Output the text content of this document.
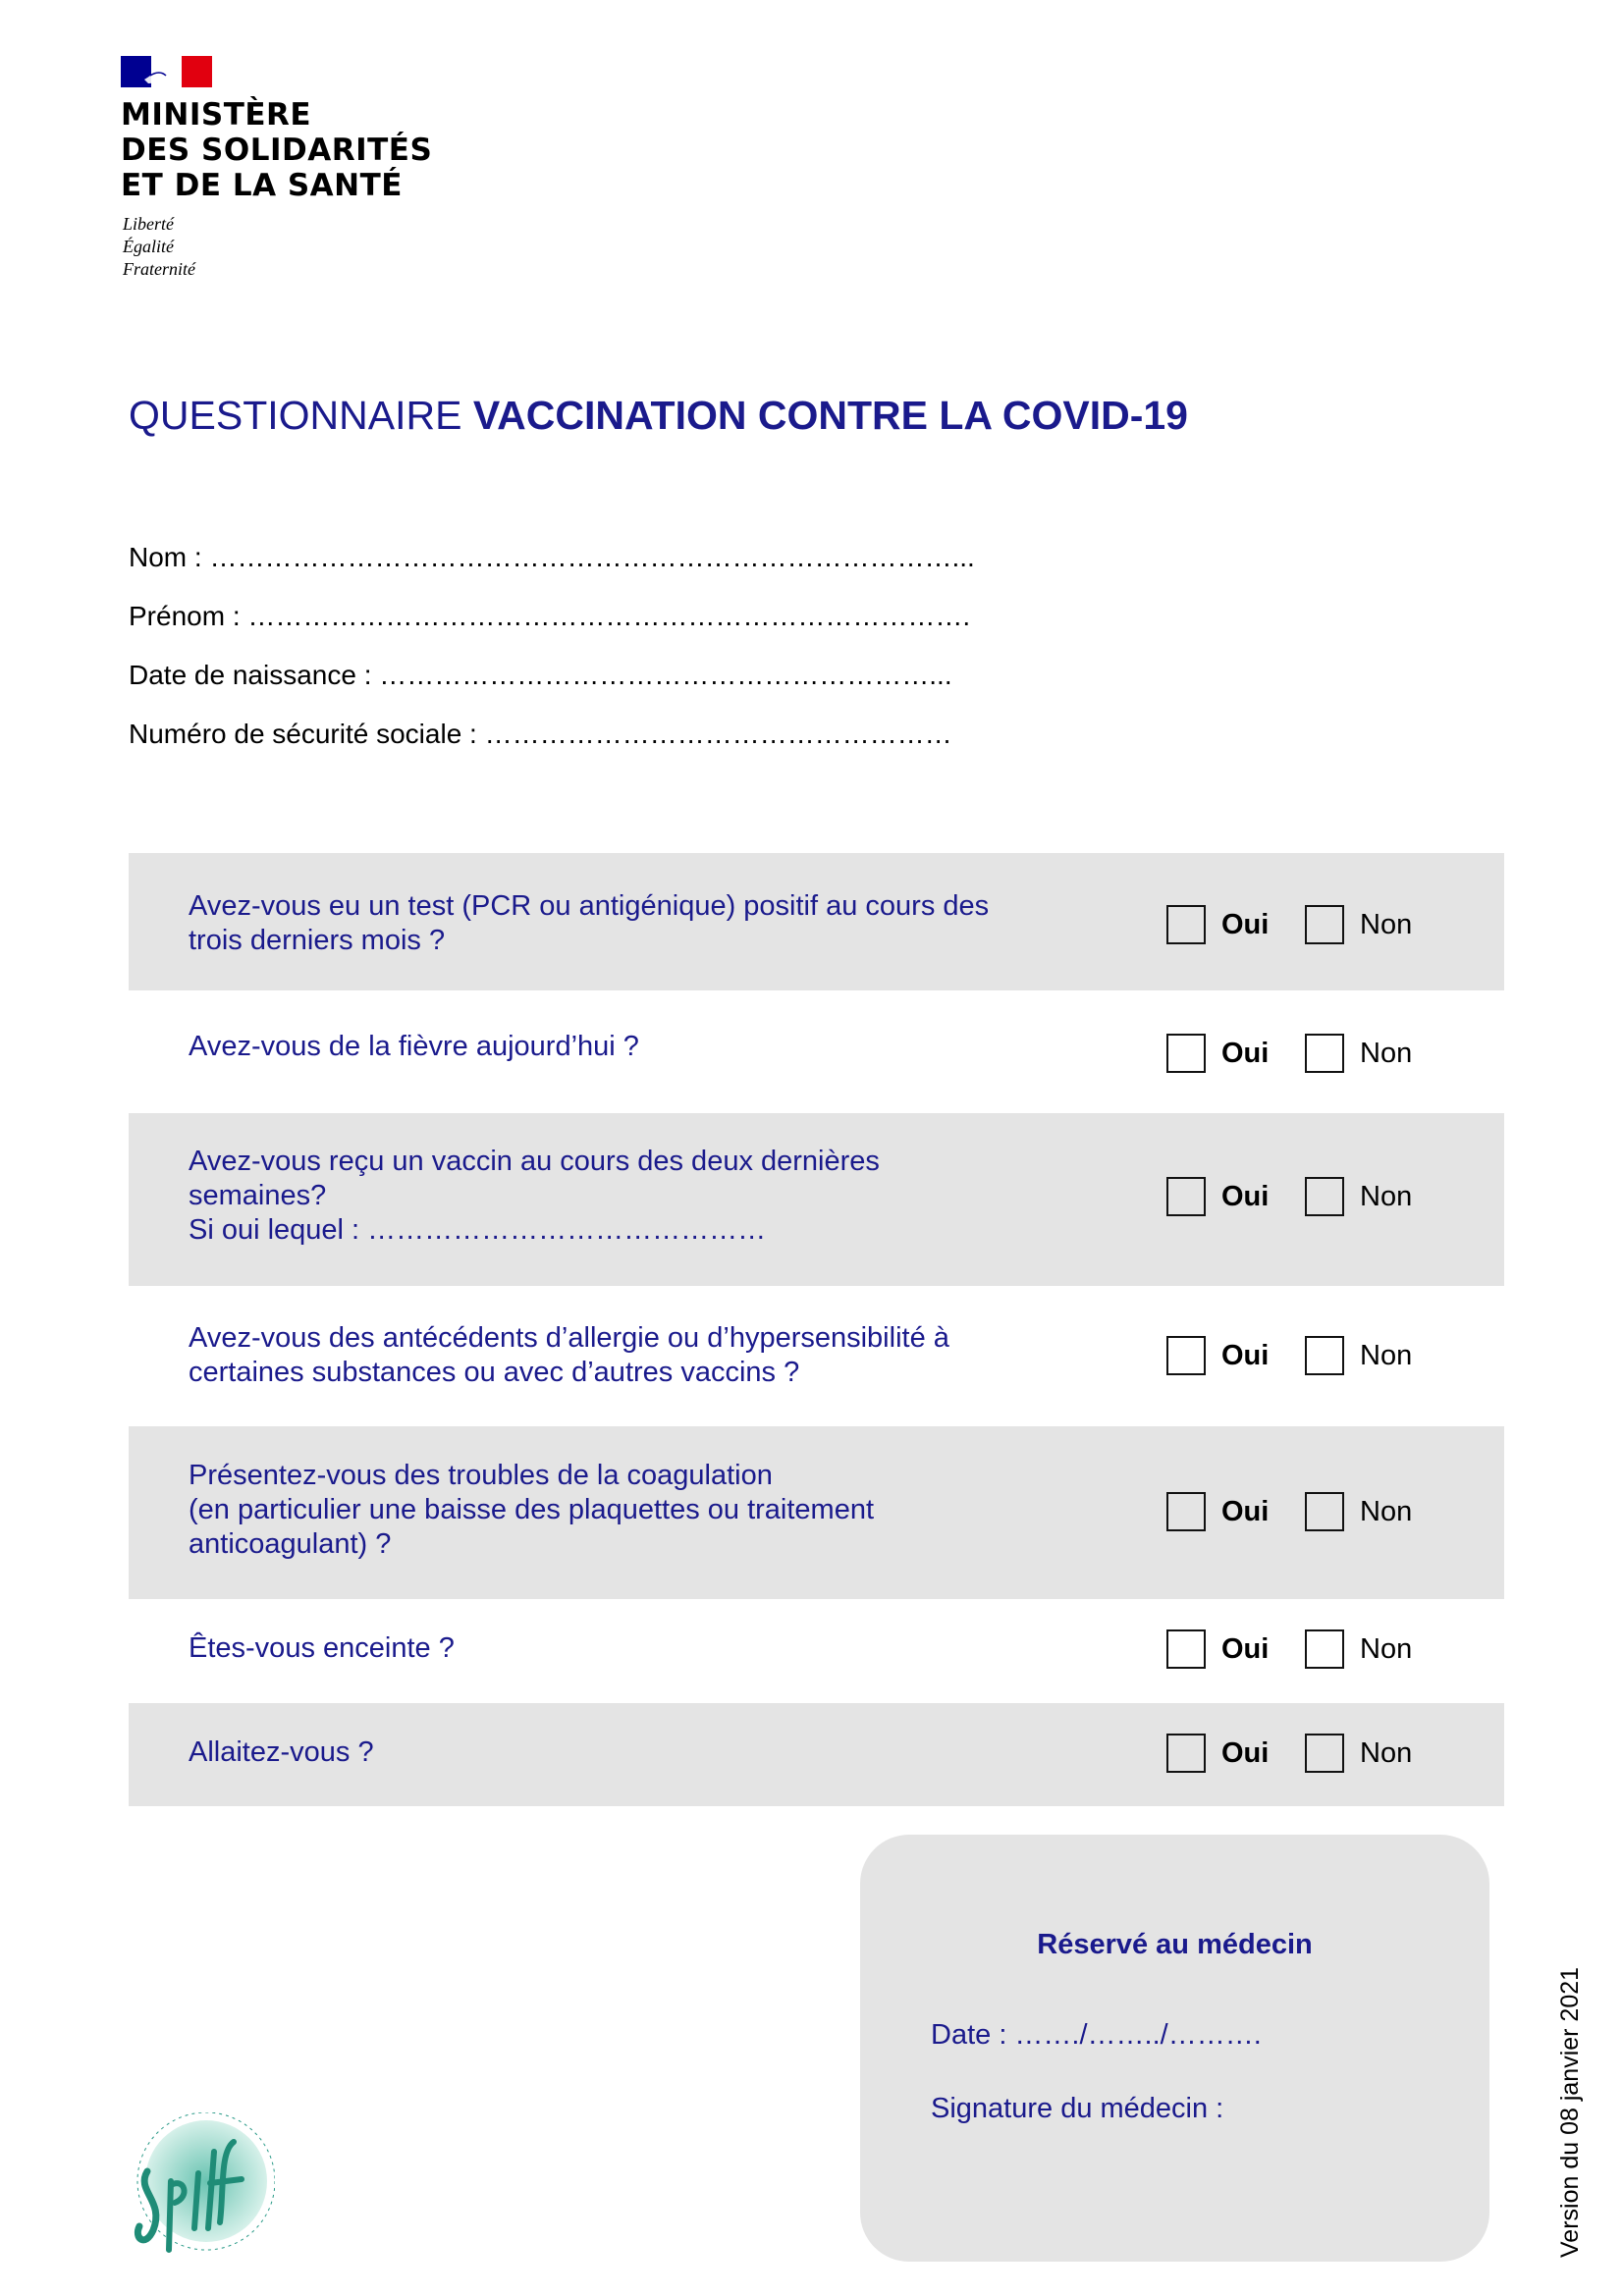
MINISTÈRE
DES SOLIDARITÉS
ET DE LA SANTÉ
Liberté
Égalité
Fraternité
QUESTIONNAIRE VACCINATION CONTRE LA COVID-19
Nom : ………………………………………………………………………...
Prénom : …………………………………………………………………….
Date de naissance : ……………………………………………………...
Numéro de sécurité sociale : ……………………………………………
Avez-vous eu un test (PCR ou antigénique) positif au cours des
trois derniers mois ?	Oui	Non
Avez-vous de la fièvre aujourd’hui ?	Oui	Non
Avez-vous reçu un vaccin au cours des deux dernières
semaines?
Si oui lequel : ……………………………………
Oui	Non
Avez-vous des antécédents d’allergie ou d’hypersensibilité à
certaines substances ou avec d’autres vaccins ?
Oui	Non
Présentez-vous des troubles de la coagulation
(en particulier une baisse des plaquettes ou traitement
anticoagulant) ?
Oui	Non
Êtes-vous enceinte ?	Oui	Non
Allaitez-vous ?	Oui	Non
Réservé au médecin
Date : ……./……../……….
Signature du médecin :	Version du 08 janvier 2021
